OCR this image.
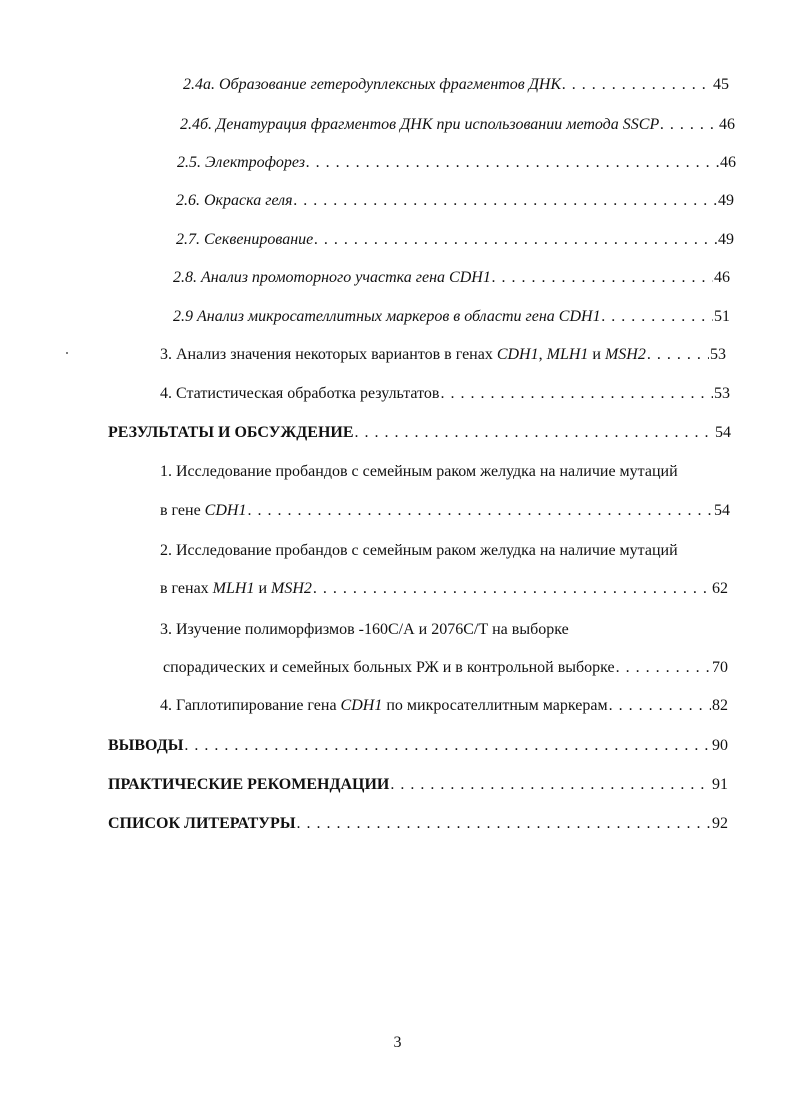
2.4а. Образование гетеродуплексных фрагментов ДНК . . .	45
2.4б. Денатурация фрагментов ДНК при использовании метода SSCP . . .	46
2.5. Электрофорез . . .	46
2.6. Окраска геля . . .	49
2.7. Секвенирование . . .	49
2.8. Анализ промоторного участка гена CDH1 . . .	46
2.9 Анализ микросателлитных маркеров в области гена CDH1 . . .	51
3. Анализ значения некоторых вариантов в генах CDH1, MLH1 и MSH2 . . .	53
4. Статистическая обработка результатов . . .	53
РЕЗУЛЬТАТЫ И ОБСУЖДЕНИЕ . . .	54
1. Исследование пробандов с семейным раком желудка на наличие мутаций
в гене CDH1 . . .	54
2. Исследование пробандов с семейным раком желудка на наличие мутаций
в генах MLH1 и MSH2 . . .	62
3. Изучение полиморфизмов -160С/А и 2076С/Т на выборке
спорадических и семейных больных РЖ и в контрольной выборке . . .	70
4. Гаплотипирование гена CDH1 по микросателлитным маркерам . . .	82
ВЫВОДЫ . . .	90
ПРАКТИЧЕСКИЕ РЕКОМЕНДАЦИИ . . .	91
СПИСОК ЛИТЕРАТУРЫ . . .	92
3
